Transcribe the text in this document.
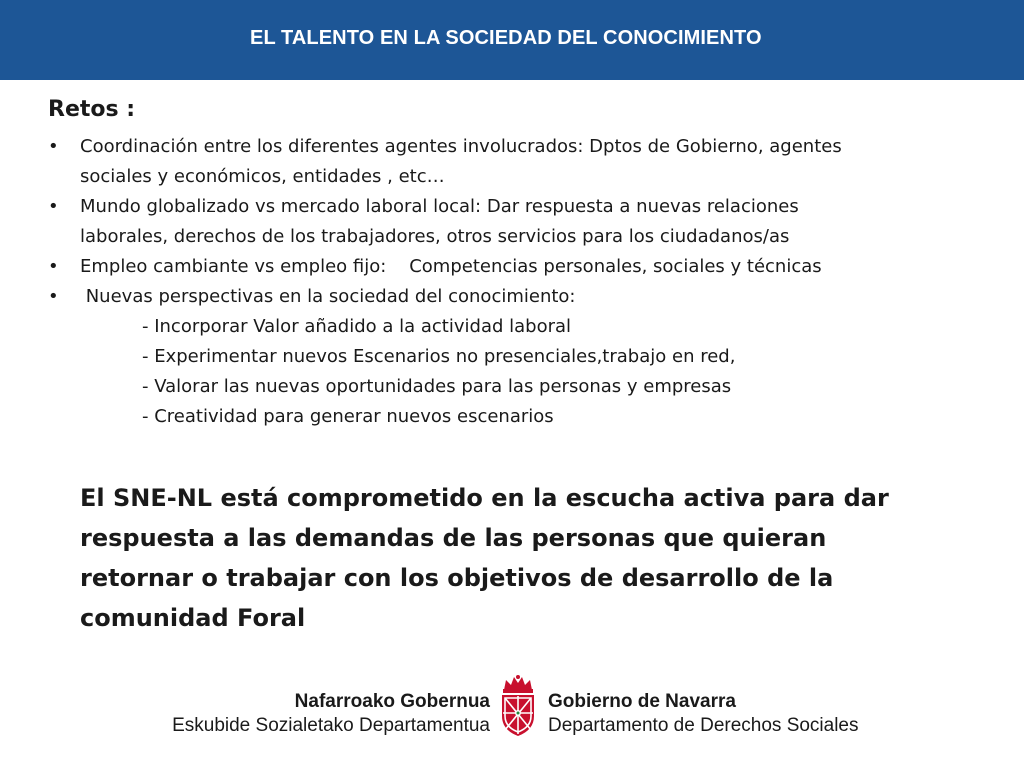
EL TALENTO EN LA SOCIEDAD DEL CONOCIMIENTO
Retos :
• Coordinación entre los diferentes agentes involucrados: Dptos de Gobierno, agentes
sociales y económicos, entidades , etc…
• Mundo globalizado vs mercado laboral local: Dar respuesta a nuevas relaciones
laborales, derechos de los trabajadores, otros servicios para los ciudadanos/as
• Empleo cambiante vs empleo fijo:    Competencias personales, sociales y técnicas
• Nuevas perspectivas en la sociedad del conocimiento:
- Incorporar Valor añadido a la actividad laboral
- Experimentar nuevos Escenarios no presenciales,trabajo en red,
- Valorar las nuevas oportunidades para las personas y empresas
- Creatividad para generar nuevos escenarios
El SNE-NL está comprometido en la escucha activa para dar
respuesta a las demandas de las personas que quieran
retornar o trabajar con los objetivos de desarrollo de la
comunidad Foral
Nafarroako Gobernua
Eskubide Sozialetako Departamentua
Gobierno de Navarra
Departamento de Derechos Sociales
